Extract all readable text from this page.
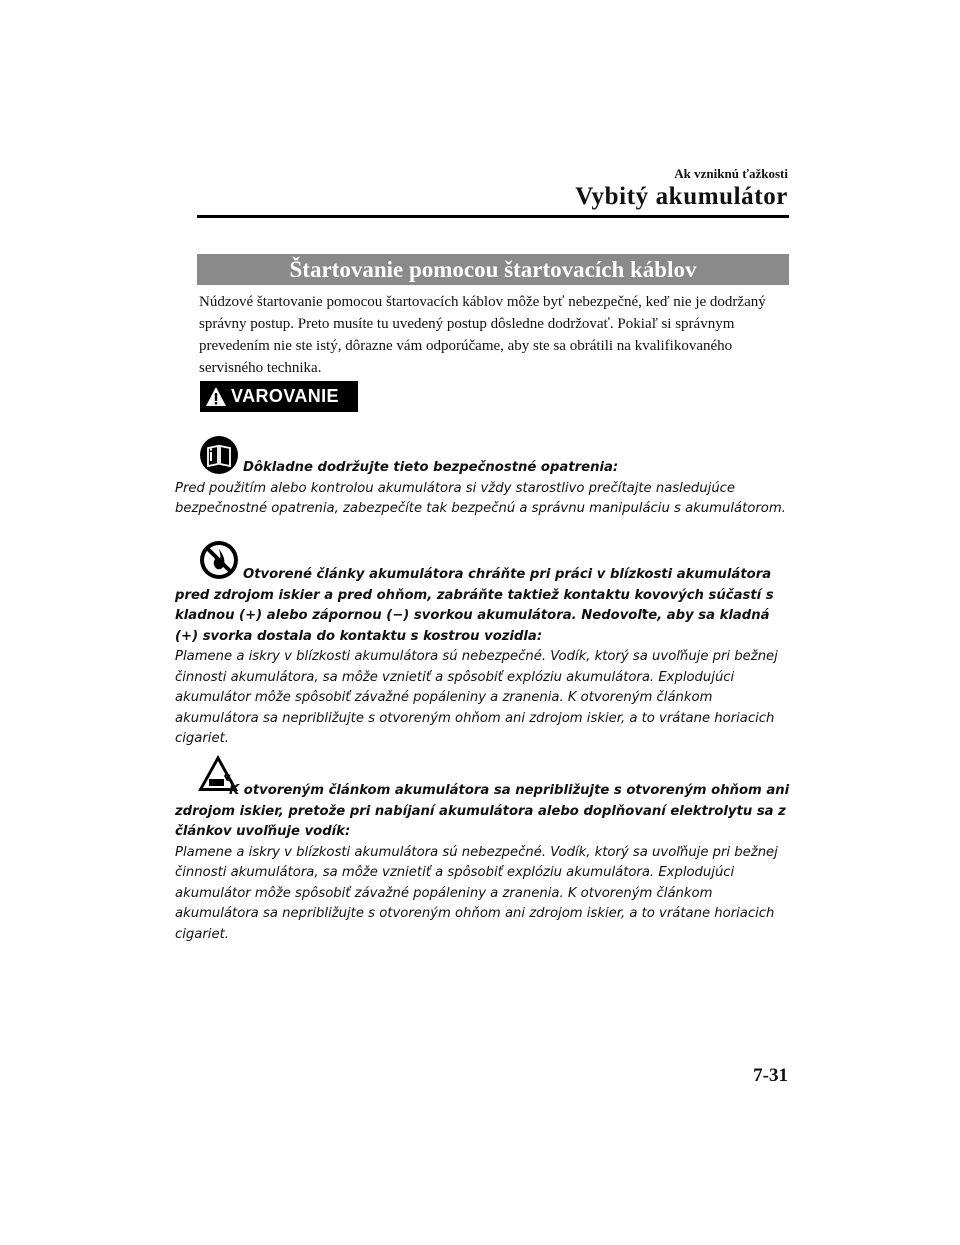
Ak vzniknú ťažkosti
Vybitý akumulátor
Štartovanie pomocou štartovacích káblov
Núdzové štartovanie pomocou štartovacích káblov môže byť nebezpečné, keď nie je dodržaný správny postup. Preto musíte tu uvedený postup dôsledne dodržovať. Pokiaľ si správnym prevedením nie ste istý, dôrazne vám odporúčame, aby ste sa obrátili na kvalifikovaného servisného technika.
VAROVANIE
Dôkladne dodržujte tieto bezpečnostné opatrenia:
Pred použitím alebo kontrolou akumulátora si vždy starostlivo prečítajte nasledujúce bezpečnostné opatrenia, zabezpečíte tak bezpečnú a správnu manipuláciu s akumulátorom.
Otvorené články akumulátora chráňte pri práci v blízkosti akumulátora pred zdrojom iskier a pred ohňom, zabráňte taktiež kontaktu kovových súčastí s kladnou (+) alebo zápornou (−) svorkou akumulátora. Nedovoľte, aby sa kladná (+) svorka dostala do kontaktu s kostrou vozidla:
Plamene a iskry v blízkosti akumulátora sú nebezpečné. Vodík, ktorý sa uvoľňuje pri bežnej činnosti akumulátora, sa môže vznietiť a spôsobiť explóziu akumulátora. Explodujúci akumulátor môže spôsobiť závažné popáleniny a zranenia. K otvoreným článkom akumulátora sa nepribližujte s otvoreným ohňom ani zdrojom iskier, a to vrátane horiacich cigariet.
K otvoreným článkom akumulátora sa nepribližujte s otvoreným ohňom ani zdrojom iskier, pretože pri nabíjaní akumulátora alebo doplňovaní elektrolytu sa z článkov uvoľňuje vodík:
Plamene a iskry v blízkosti akumulátora sú nebezpečné. Vodík, ktorý sa uvoľňuje pri bežnej činnosti akumulátora, sa môže vznietiť a spôsobiť explóziu akumulátora. Explodujúci akumulátor môže spôsobiť závažné popáleniny a zranenia. K otvoreným článkom akumulátora sa nepribližujte s otvoreným ohňom ani zdrojom iskier, a to vrátane horiacich cigariet.
7-31
